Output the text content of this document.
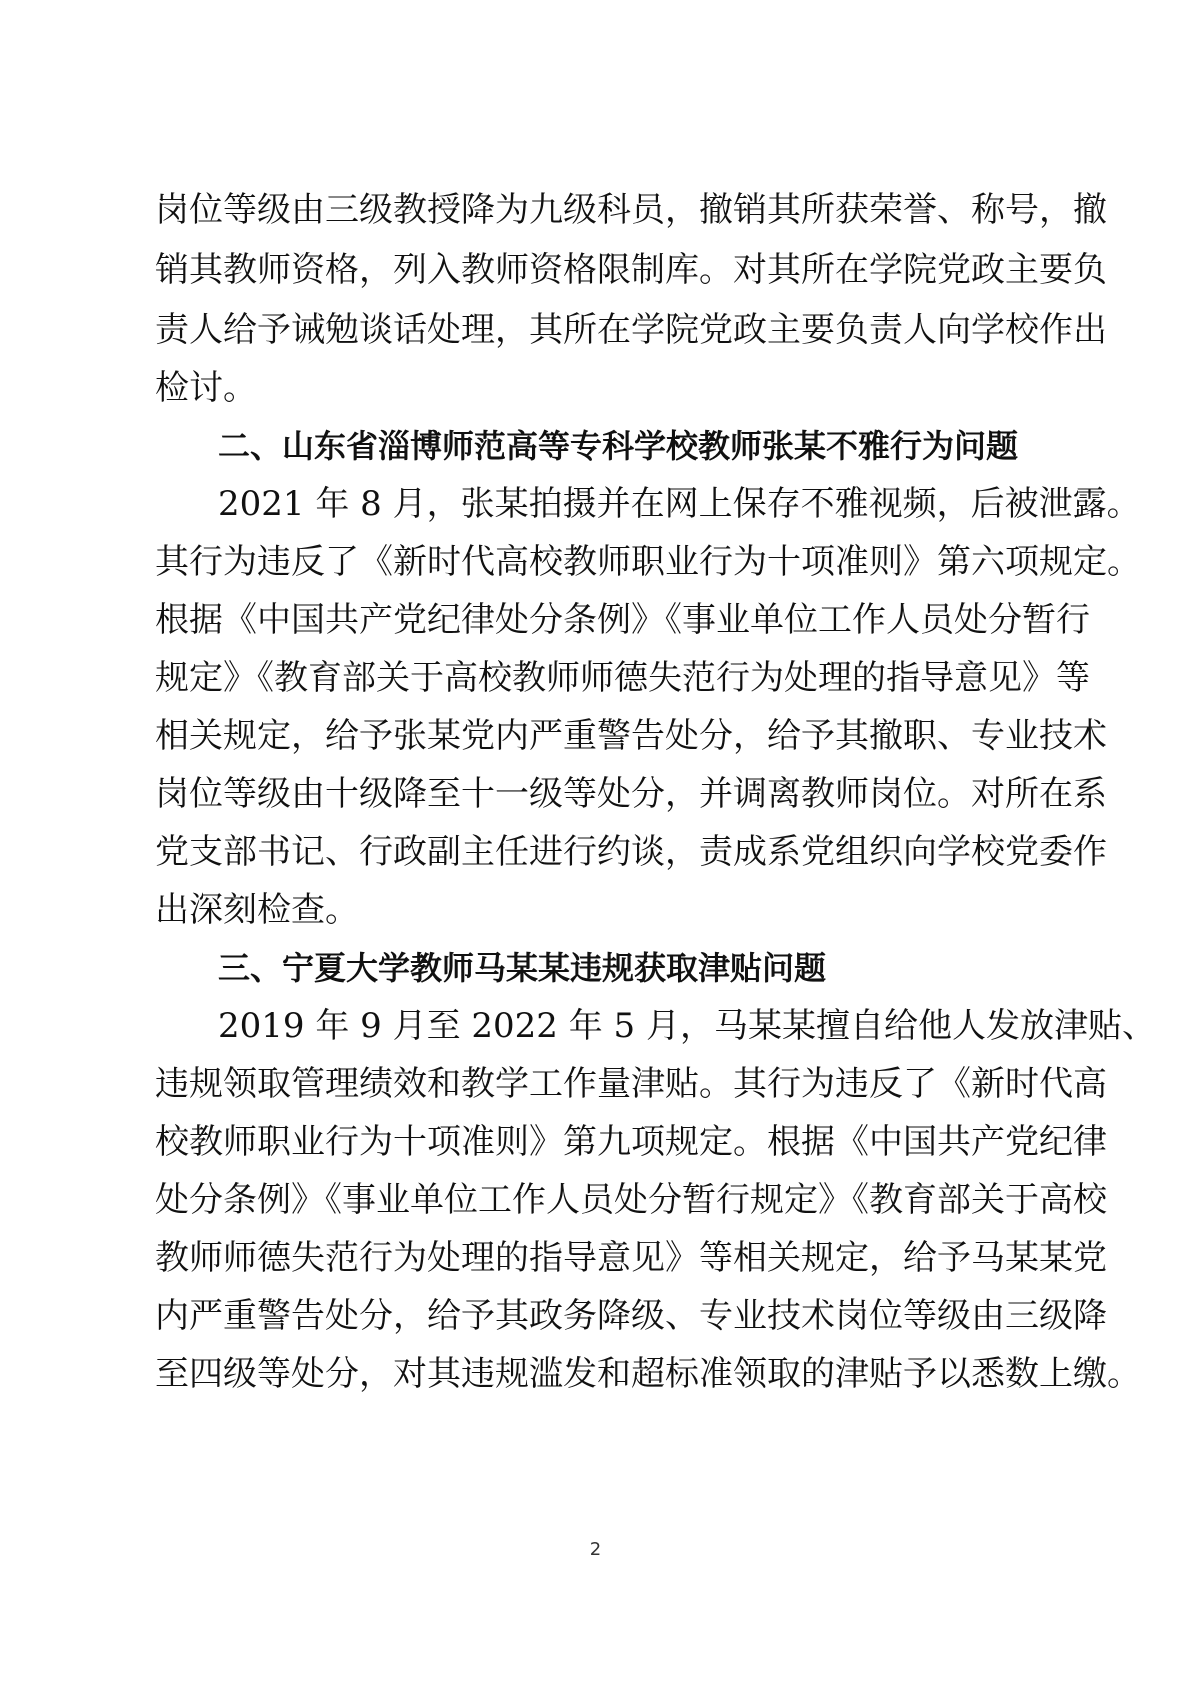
岗位等级由三级教授降为九级科员，撤销其所获荣誉、称号，撤
销其教师资格，列入教师资格限制库。对其所在学院党政主要负
责人给予诫勉谈话处理，其所在学院党政主要负责人向学校作出
检讨。
二、山东省淄博师范高等专科学校教师张某不雅行为问题
2021 年 8 月，张某拍摄并在网上保存不雅视频，后被泄露。
其行为违反了《新时代高校教师职业行为十项准则》第六项规定。
根据《中国共产党纪律处分条例》《事业单位工作人员处分暂行
规定》《教育部关于高校教师师德失范行为处理的指导意见》等
相关规定，给予张某党内严重警告处分，给予其撤职、专业技术
岗位等级由十级降至十一级等处分，并调离教师岗位。对所在系
党支部书记、行政副主任进行约谈，责成系党组织向学校党委作
出深刻检查。
三、宁夏大学教师马某某违规获取津贴问题
2019 年 9 月至 2022 年 5 月，马某某擅自给他人发放津贴、
违规领取管理绩效和教学工作量津贴。其行为违反了《新时代高
校教师职业行为十项准则》第九项规定。根据《中国共产党纪律
处分条例》《事业单位工作人员处分暂行规定》《教育部关于高校
教师师德失范行为处理的指导意见》等相关规定，给予马某某党
内严重警告处分，给予其政务降级、专业技术岗位等级由三级降
至四级等处分，对其违规滥发和超标准领取的津贴予以悉数上缴。
2
